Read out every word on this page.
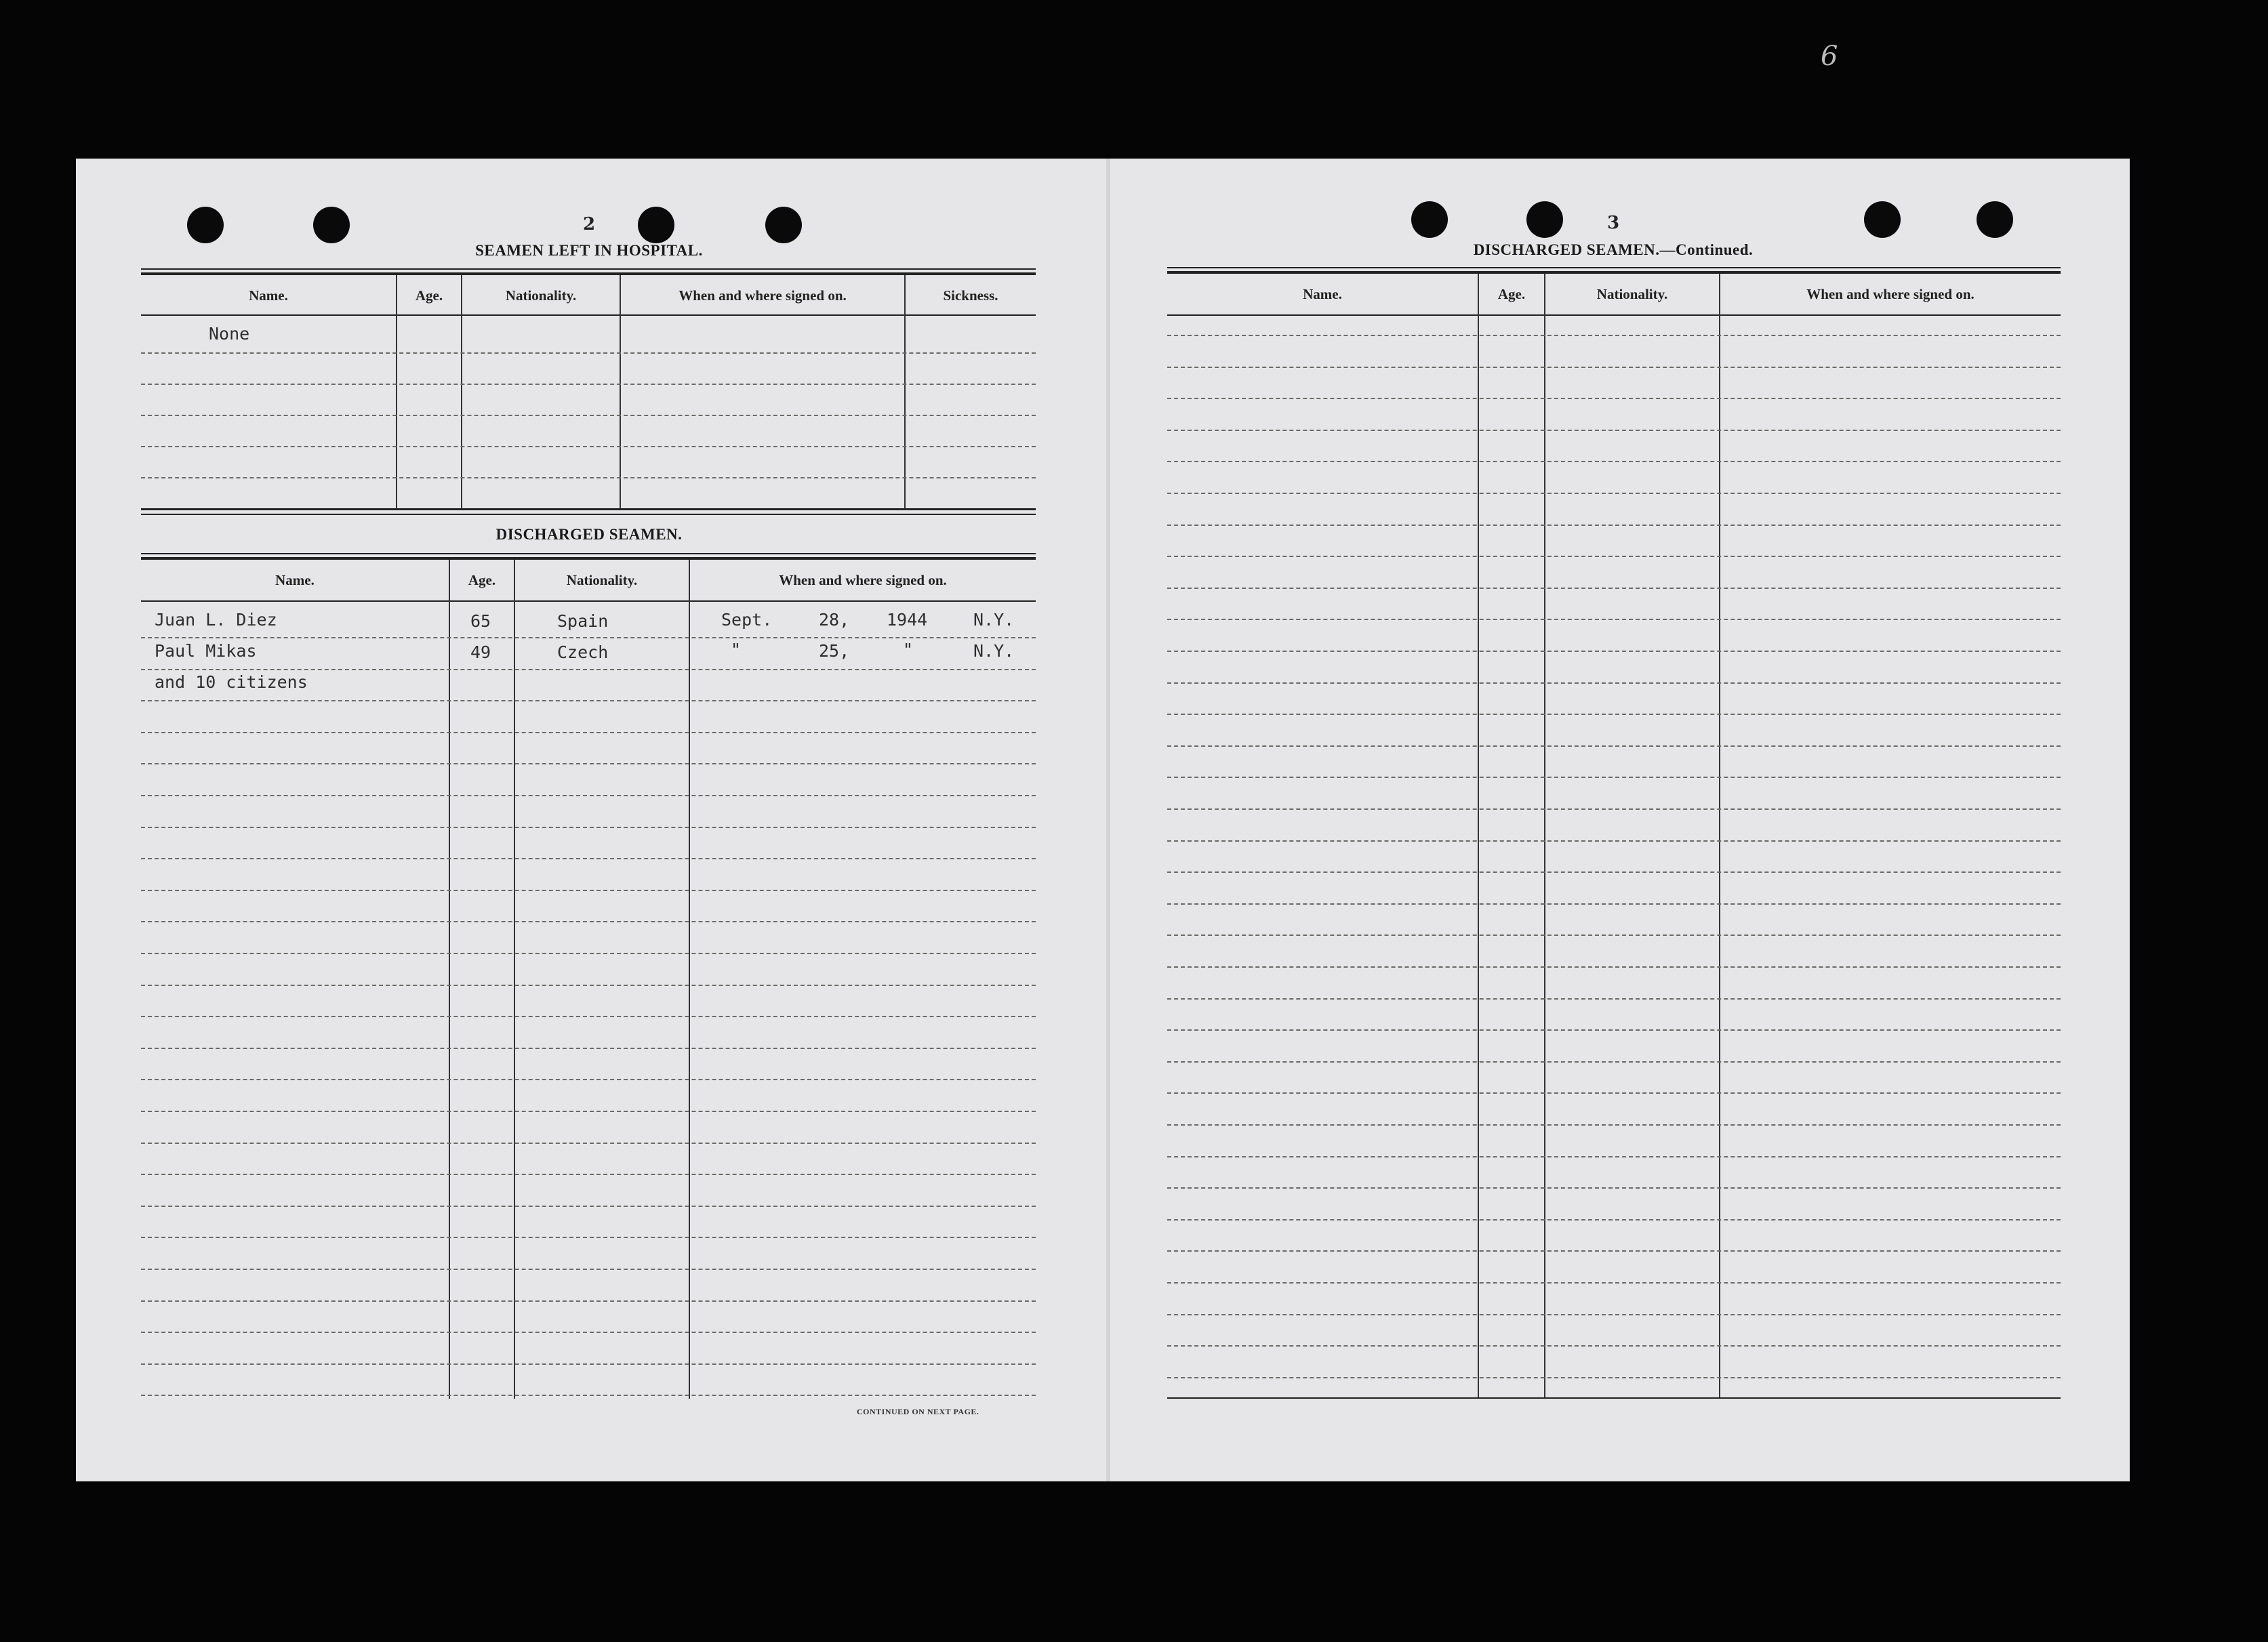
6
2	3
SEAMEN LEFT IN HOSPITAL.
Name.	Age.	Nationality.	When and where signed on.	Sickness.
None
DISCHARGED SEAMEN.
Name.	Age.	Nationality.	When and where signed on.
Juan L. Diez	65	Spain	Sept.	28, 1944	N.Y.
Paul Mikas	49	Czech	"	25,	"	N.Y.
and 10 citizens
CONTINUED ON NEXT PAGE.
DISCHARGED SEAMEN.—Continued.
Name.	Age.	Nationality.	When and where signed on.
